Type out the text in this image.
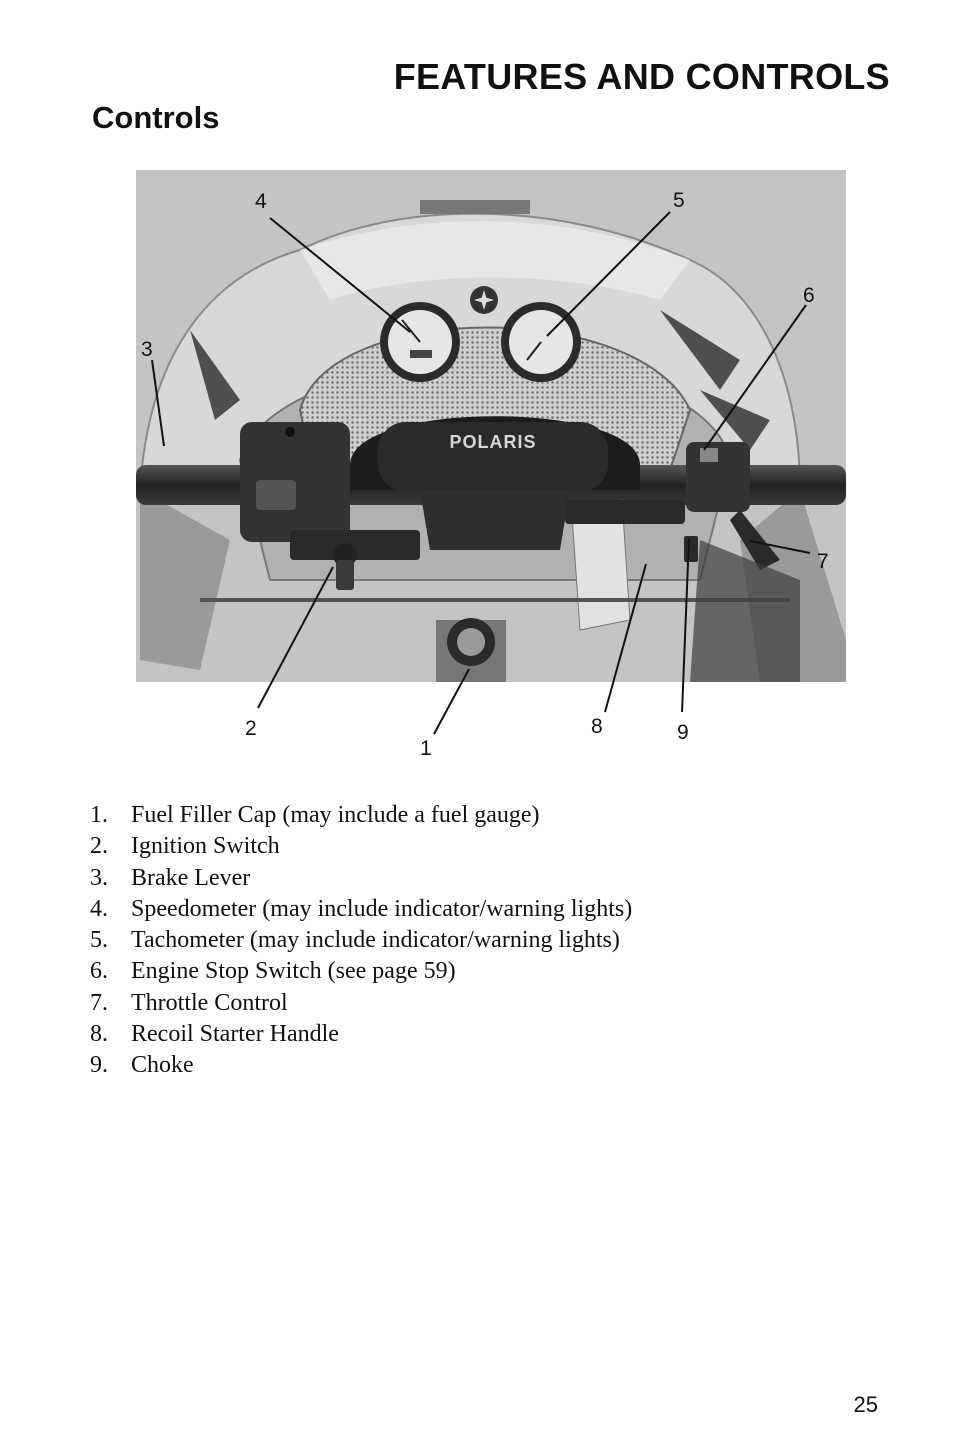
FEATURES AND CONTROLS
Controls
POLARIS
4	5
6
3
7
2
1
8	9
1. Fuel Filler Cap (may include a fuel gauge)
2. Ignition Switch
3. Brake Lever
4. Speedometer (may include indicator/warning lights)
5. Tachometer (may include indicator/warning lights)
6. Engine Stop Switch (see page 59)
7. Throttle Control
8. Recoil Starter Handle
9. Choke
25
